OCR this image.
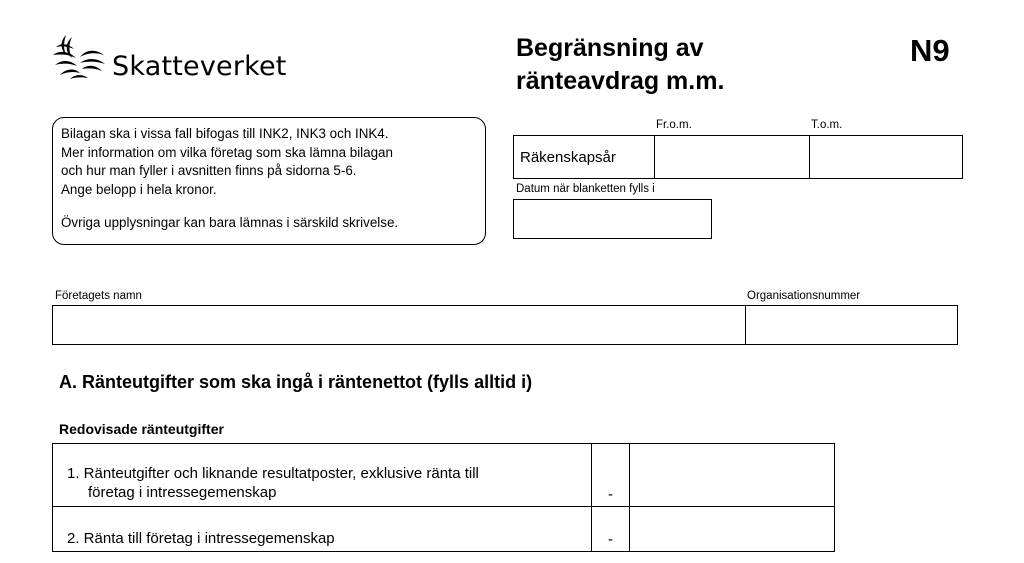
Skatteverket
Begränsning av
ränteavdrag m.m.
N9
Bilagan ska i vissa fall bifogas till INK2, INK3 och INK4.
Mer information om vilka företag som ska lämna bilagan
och hur man fyller i avsnitten finns på sidorna 5-6.
Ange belopp i hela kronor.
Övriga upplysningar kan bara lämnas i särskild skrivelse.
Fr.o.m.	T.o.m.
Räkenskapsår
Datum när blanketten fylls i
Företagets namn	Organisationsnummer
A. Ränteutgifter som ska ingå i räntenettot (fylls alltid i)
Redovisade ränteutgifter
1. Ränteutgifter och liknande resultatposter, exklusive ränta till
företag i intressegemenskap	-
2. Ränta till företag i intressegemenskap	-
